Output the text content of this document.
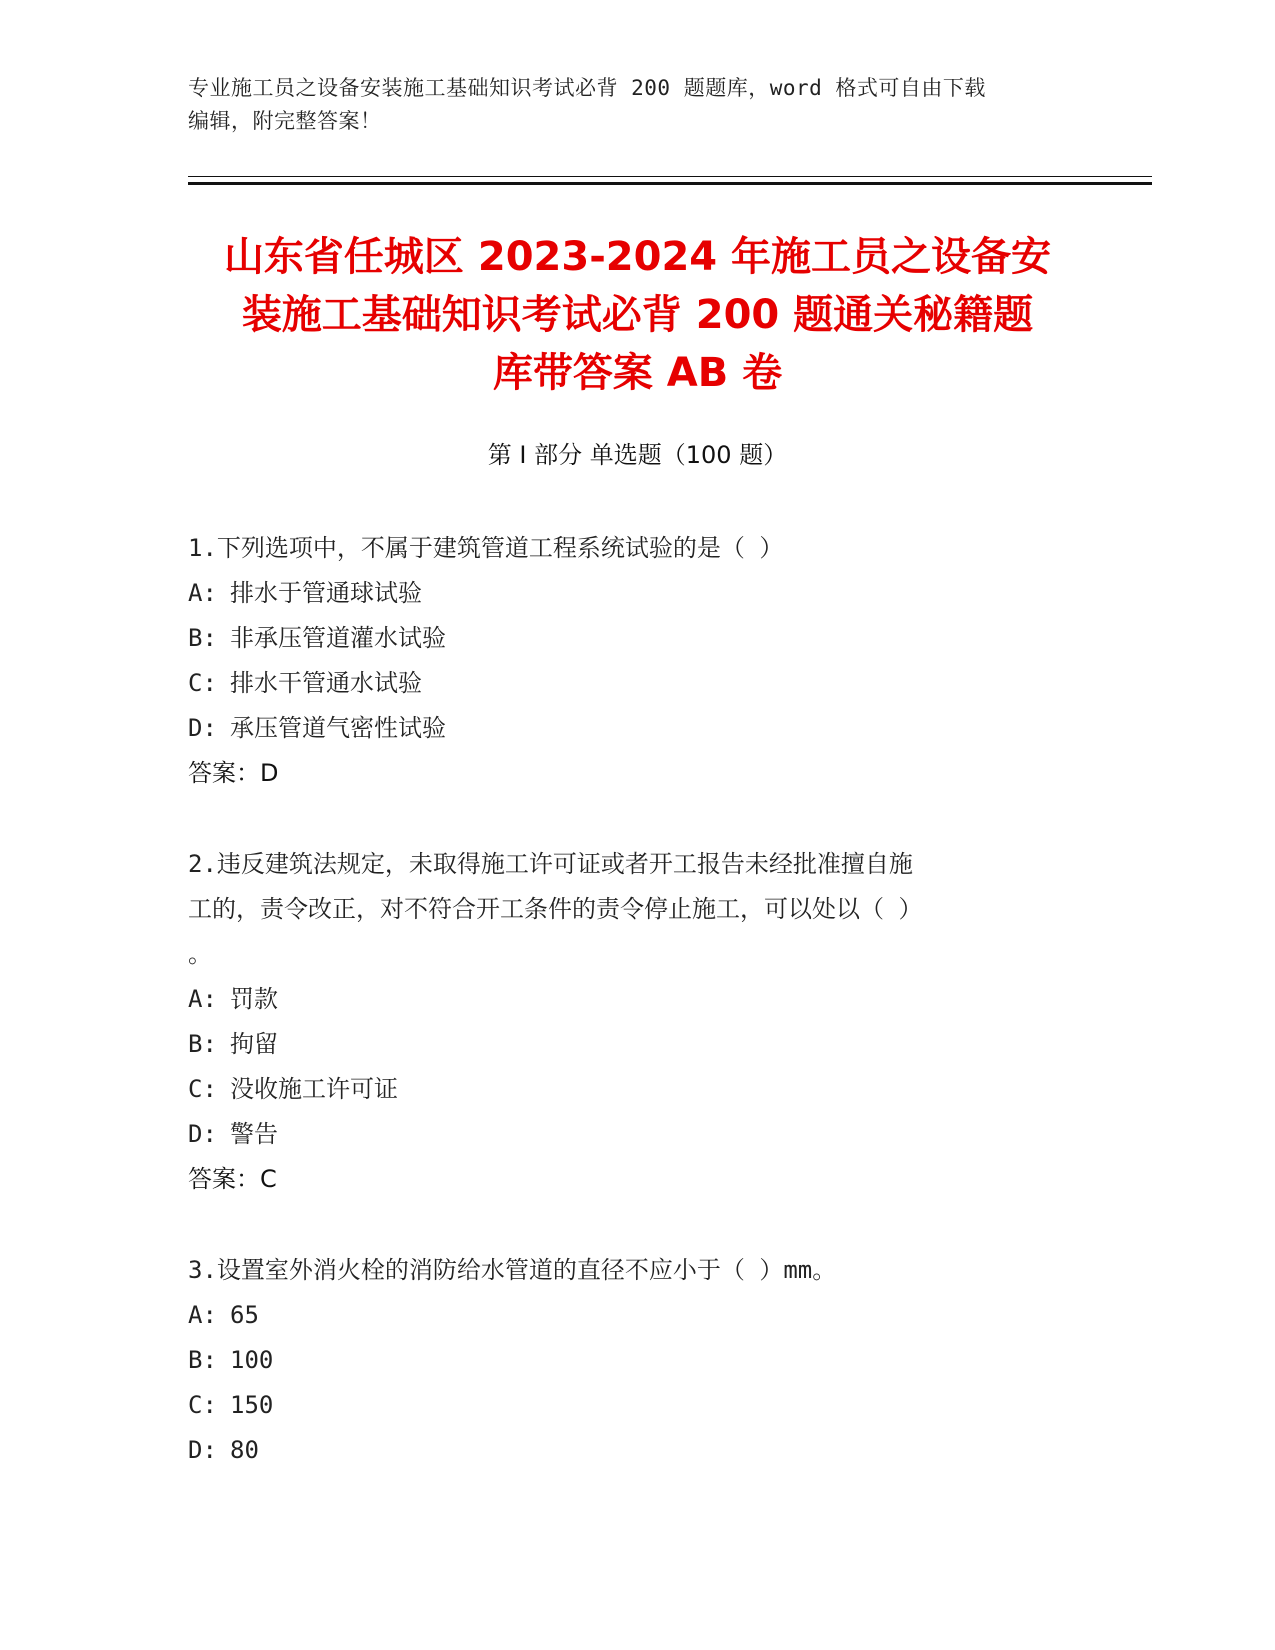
专业施工员之设备安装施工基础知识考试必背 200 题题库，word 格式可自由下载
编辑，附完整答案！
山东省任城区 2023-2024 年施工员之设备安
装施工基础知识考试必背 200 题通关秘籍题
库带答案 AB 卷
第 I 部分 单选题（100 题）
1.下列选项中，不属于建筑管道工程系统试验的是（ ）
A: 排水于管通球试验
B: 非承压管道灌水试验
C: 排水干管通水试验
D: 承压管道气密性试验
答案：D
2.违反建筑法规定，未取得施工许可证或者开工报告未经批准擅自施
工的，责令改正，对不符合开工条件的责令停止施工，可以处以（ ）
。
A: 罚款
B: 拘留
C: 没收施工许可证
D: 警告
答案：C
3.设置室外消火栓的消防给水管道的直径不应小于（ ）mm。
A: 65
B: 100
C: 150
D: 80
